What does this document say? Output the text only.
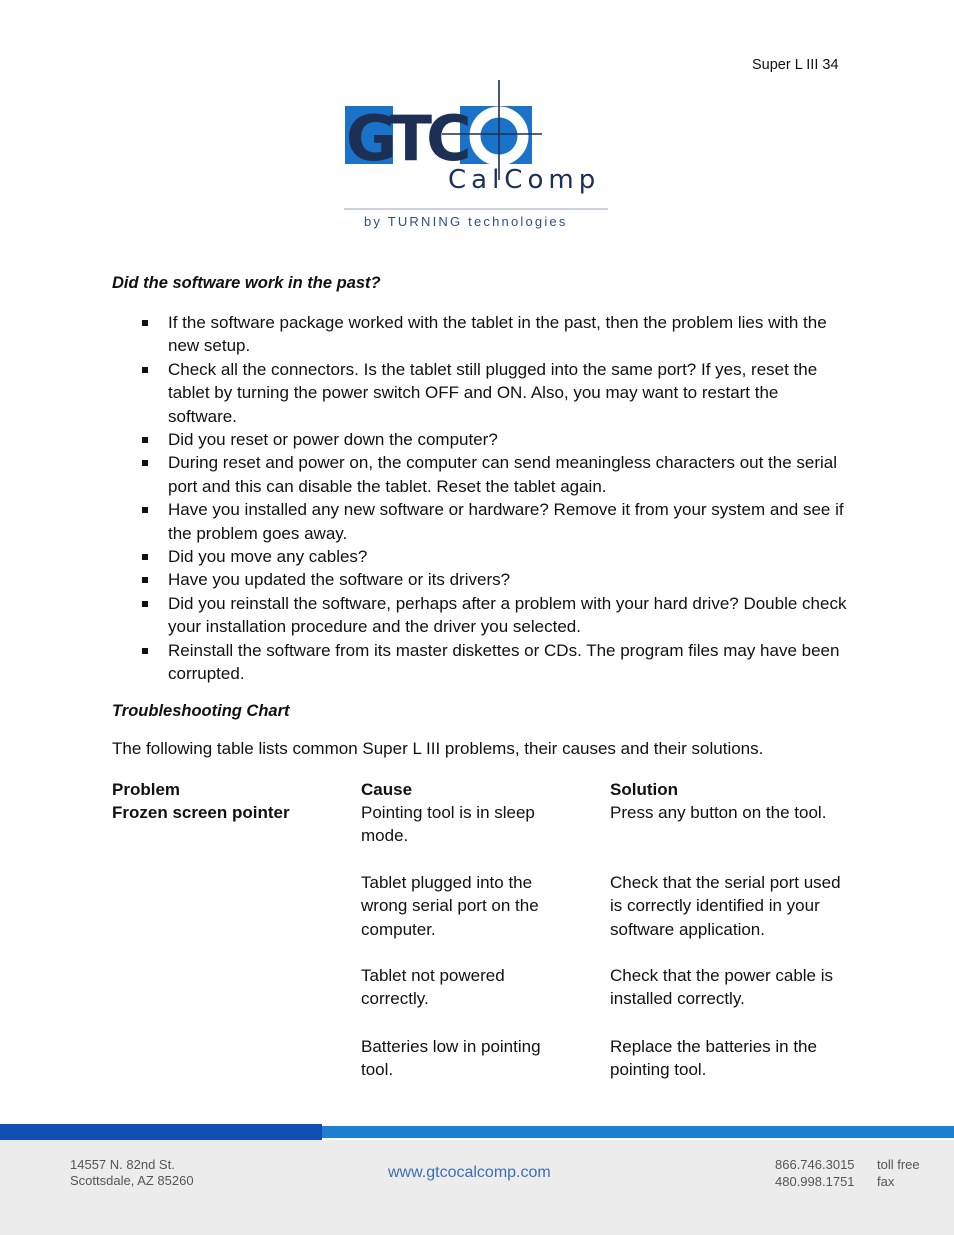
Super L III 34
GTC
CalComp
by TURNING technologies
Did the software work in the past?
If the software package worked with the tablet in the past, then the problem lies with the new setup.
Check all the connectors. Is the tablet still plugged into the same port? If yes, reset the tablet by turning the power switch OFF and ON. Also, you may want to restart the software.
Did you reset or power down the computer?
During reset and power on, the computer can send meaningless characters out the serial port and this can disable the tablet. Reset the tablet again.
Have you installed any new software or hardware? Remove it from your system and see if the problem goes away.
Did you move any cables?
Have you updated the software or its drivers?
Did you reinstall the software, perhaps after a problem with your hard drive? Double check your installation procedure and the driver you selected.
Reinstall the software from its master diskettes or CDs. The program files may have been corrupted.
Troubleshooting Chart
The following table lists common Super L III problems, their causes and their solutions.
Problem
Frozen screen pointer
Cause
Pointing tool is in sleep mode.
Tablet plugged into the wrong serial port on the computer.
Tablet not powered correctly.
Batteries low in pointing tool.
Solution
Press any button on the tool.
Check that the serial port used is correctly identified in your software application.
Check that the power cable is installed correctly.
Replace the batteries in the pointing tool.
14557 N. 82nd St.
Scottsdale, AZ 85260	www.gtcocalcomp.com	866.746.3015
480.998.1751
toll free
fax
